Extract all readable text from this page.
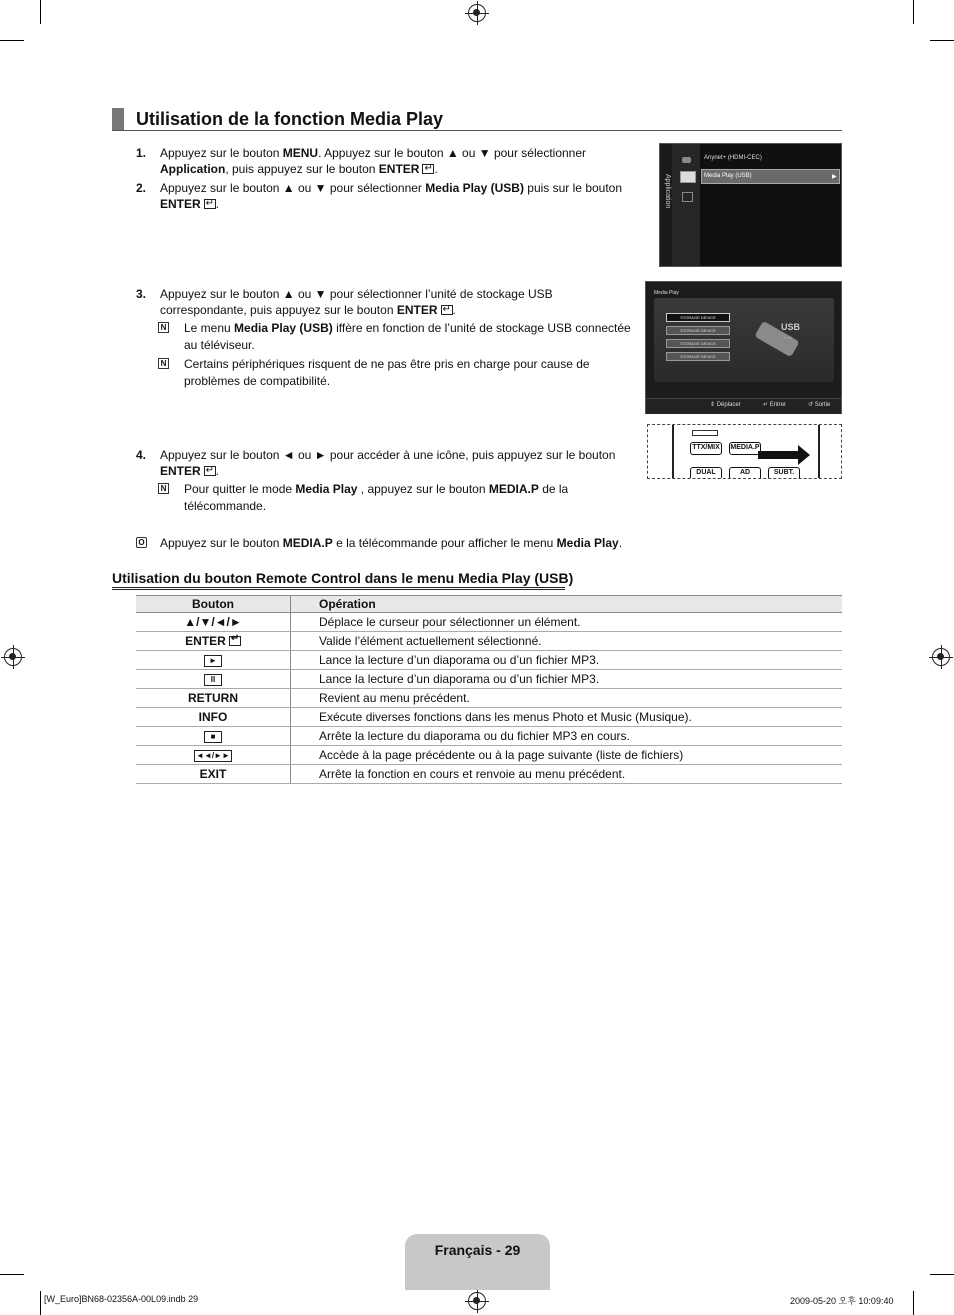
Utilisation de la fonction Media Play
1. Appuyez sur le bouton MENU. Appuyez sur le bouton ▲ ou ▼ pour sélectionner Application, puis appuyez sur le bouton ENTER ↵ .
2. Appuyez sur le bouton ▲ ou ▼ pour sélectionner Media Play (USB) puis sur le bouton ENTER ↵ .
3. Appuyez sur le bouton ▲ ou ▼ pour sélectionner l’unité de stockage USB correspondante, puis appuyez sur le bouton ENTER ↵ .
N Le menu Media Play (USB) iffère en fonction de l’unité de stockage USB connectée au téléviseur.
N Certains périphériques risquent de ne pas être pris en charge pour cause de problèmes de compatibilité.
4. Appuyez sur le bouton ◄ ou ► pour accéder à une icône, puis appuyez sur le bouton ENTER ↵ .
N Pour quitter le mode Media Play , appuyez sur le bouton MEDIA.P de la télécommande.
O Appuyez sur le bouton MEDIA.P e la télécommande pour afficher le menu Media Play.
Application
Anynet+ (HDMI-CEC)
Media Play (USB)	▶
Media Play
STORAGE DEVICE
STORAGE DEVICE
STORAGE DEVICE
STORAGE DEVICE
USB
SUM
⇕ Déplacer	↵ Entrer	↺ Sortie
TTX/MIX	MEDIA.P
DUAL	AD	SUBT.
Utilisation du bouton Remote Control dans le menu Media Play (USB)
Bouton	Opération
▲/▼/◄/►	Déplace le curseur pour sélectionner un élément.
ENTER↵	Valide l’élément actuellement sélectionné.
►	Lance la lecture d’un diaporama ou d’un fichier MP3.
II	Lance la lecture d’un diaporama ou d’un fichier MP3.
RETURN	Revient au menu précédent.
INFO	Exécute diverses fonctions dans les menus Photo et Music (Musique).
■	Arrête la lecture du diaporama ou du fichier MP3 en cours.
◄◄/►►	Accède à la page précédente ou à la page suivante (liste de fichiers)
EXIT	Arrête la fonction en cours et renvoie au menu précédent.
Français - 29
[W_Euro]BN68-02356A-00L09.indb 29	2009-05-20 오후 10:09:40
